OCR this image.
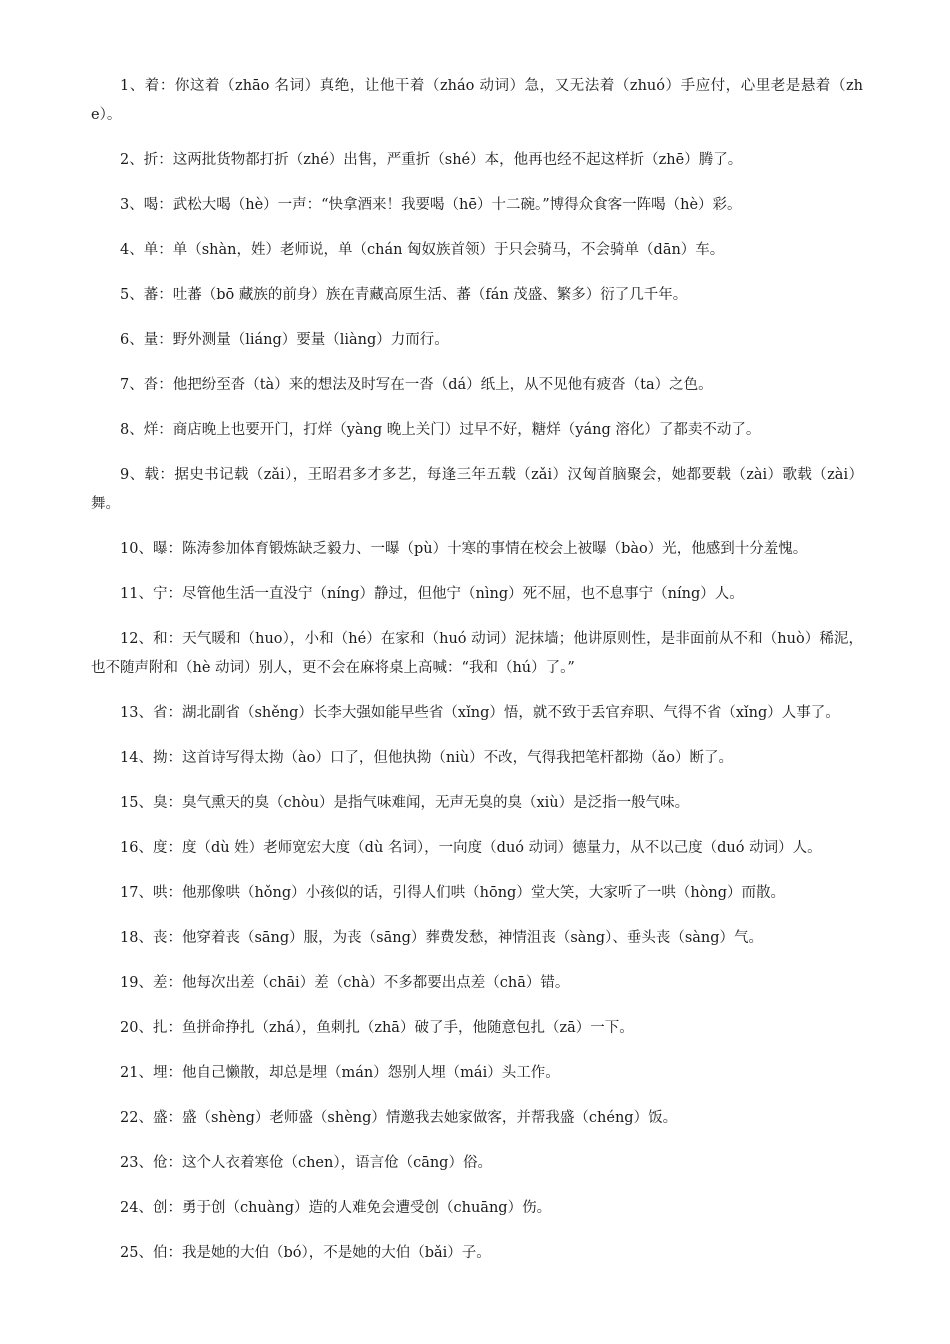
1、着：你这着（zhāo 名词）真绝，让他干着（zháo 动词）急，又无法着（zhuó）手应付，心里老是悬着（zhe）。

2、折：这两批货物都打折（zhé）出售，严重折（shé）本，他再也经不起这样折（zhē）腾了。

3、喝：武松大喝（hè）一声：“快拿酒来！我要喝（hē）十二碗。”博得众食客一阵喝（hè）彩。

4、单：单（shàn，姓）老师说，单（chán 匈奴族首领）于只会骑马，不会骑单（dān）车。

5、蕃：吐蕃（bō 藏族的前身）族在青藏高原生活、蕃（fán 茂盛、繁多）衍了几千年。

6、量：野外测量（liáng）要量（liàng）力而行。

7、沓：他把纷至沓（tà）来的想法及时写在一沓（dá）纸上，从不见他有疲沓（ta）之色。

8、烊：商店晚上也要开门，打烊（yàng 晚上关门）过早不好，糖烊（yáng 溶化）了都卖不动了。

9、载：据史书记载（zǎi），王昭君多才多艺，每逢三年五载（zǎi）汉匈首脑聚会，她都要载（zài）歌载（zài）舞。

10、曝：陈涛参加体育锻炼缺乏毅力、一曝（pù）十寒的事情在校会上被曝（bào）光，他感到十分羞愧。

11、宁：尽管他生活一直没宁（níng）静过，但他宁（nìng）死不屈，也不息事宁（níng）人。

12、和：天气暖和（huo），小和（hé）在家和（huó 动词）泥抹墙；他讲原则性，是非面前从不和（huò）稀泥，也不随声附和（hè 动词）别人，更不会在麻将桌上高喊：“我和（hú）了。”

13、省：湖北副省（shěng）长李大强如能早些省（xǐng）悟，就不致于丢官弃职、气得不省（xǐng）人事了。

14、拗：这首诗写得太拗（ào）口了，但他执拗（niù）不改，气得我把笔杆都拗（ǎo）断了。

15、臭：臭气熏天的臭（chòu）是指气味难闻，无声无臭的臭（xiù）是泛指一般气味。

16、度：度（dù 姓）老师宽宏大度（dù 名词），一向度（duó 动词）德量力，从不以己度（duó 动词）人。

17、哄：他那像哄（hǒng）小孩似的话，引得人们哄（hōng）堂大笑，大家听了一哄（hòng）而散。

18、丧：他穿着丧（sāng）服，为丧（sāng）葬费发愁，神情沮丧（sàng）、垂头丧（sàng）气。

19、差：他每次出差（chāi）差（chà）不多都要出点差（chā）错。

20、扎：鱼拼命挣扎（zhá），鱼刺扎（zhā）破了手，他随意包扎（zā）一下。

21、埋：他自己懒散，却总是埋（mán）怨别人埋（mái）头工作。

22、盛：盛（shèng）老师盛（shèng）情邀我去她家做客，并帮我盛（chéng）饭。

23、伧：这个人衣着寒伧（chen），语言伧（cāng）俗。

24、创：勇于创（chuàng）造的人难免会遭受创（chuāng）伤。

25、伯：我是她的大伯（bó），不是她的大伯（bǎi）子。
